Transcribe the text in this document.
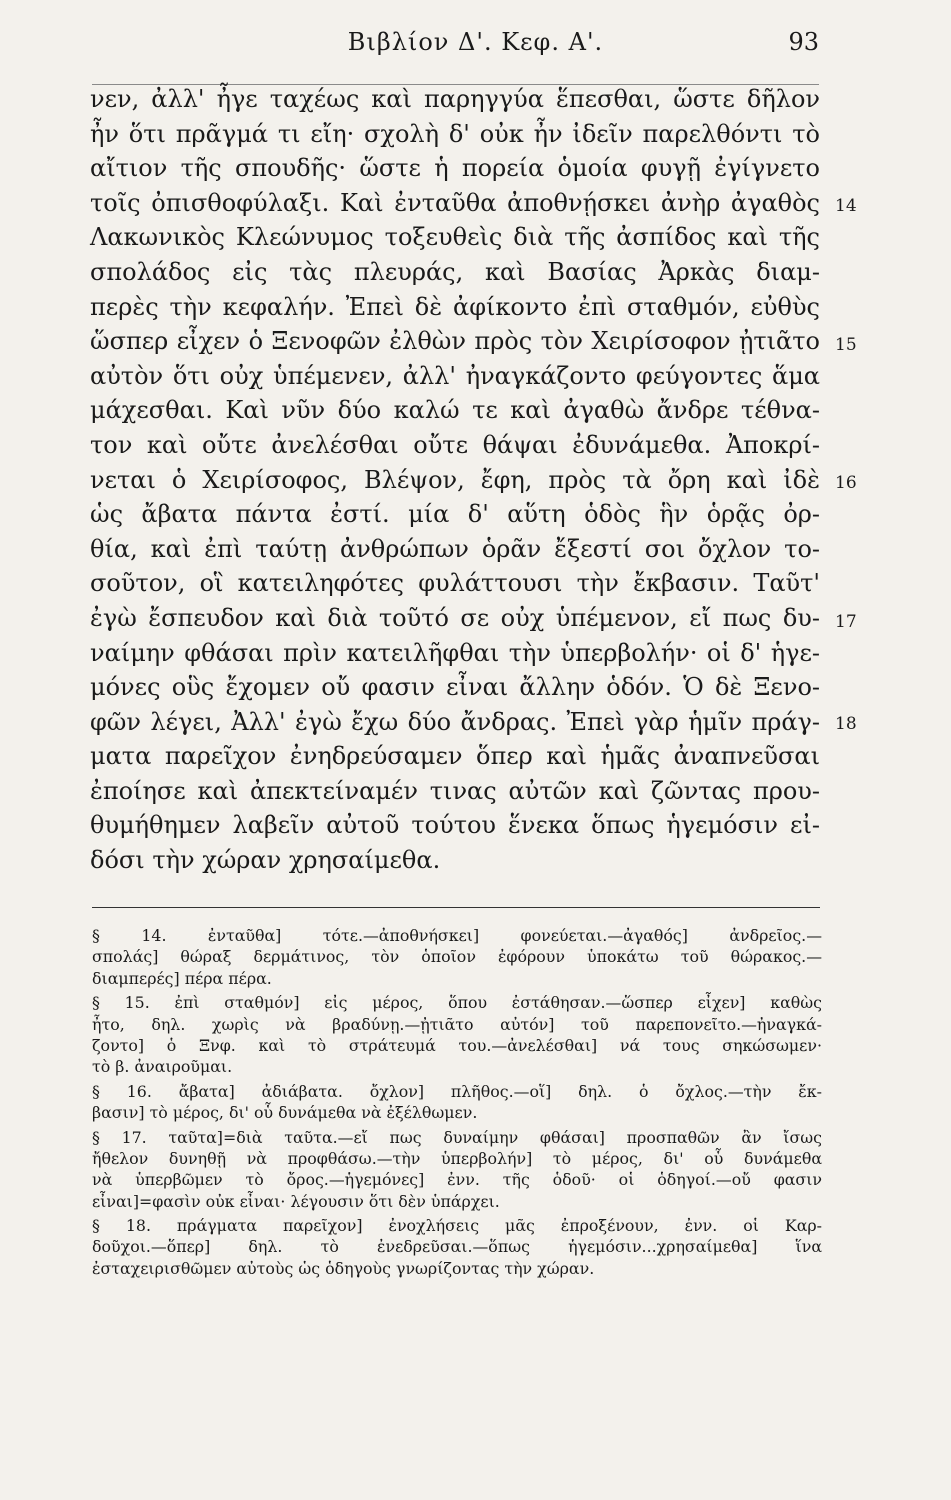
Βιβλίον Δ'. Κεφ. Α'.	93
νεν, ἀλλ' ἦγε ταχέως καὶ παρηγγύα ἕπεσθαι, ὥστε δῆλον
ἦν ὅτι πρᾶγμά τι εἴη· σχολὴ δ' οὐκ ἦν ἰδεῖν παρελθόντι τὸ
αἴτιον τῆς σπουδῆς· ὥστε ἡ πορεία ὁμοία φυγῇ ἐγίγνετο
τοῖς ὀπισθοφύλαξι. Καὶ ἐνταῦθα ἀποθνῄσκει ἀνὴρ ἀγαθὸς
Λακωνικὸς Κλεώνυμος τοξευθεὶς διὰ τῆς ἀσπίδος καὶ τῆς
σπολάδος εἰς τὰς πλευράς, καὶ Βασίας Ἀρκὰς διαμ-
περὲς τὴν κεφαλήν. Ἐπεὶ δὲ ἀφίκοντο ἐπὶ σταθμόν, εὐθὺς
ὥσπερ εἶχεν ὁ Ξενοφῶν ἐλθὼν πρὸς τὸν Χειρίσοφον ᾐτιᾶτο
αὐτὸν ὅτι οὐχ ὑπέμενεν, ἀλλ' ἠναγκάζοντο φεύγοντες ἅμα
μάχεσθαι. Καὶ νῦν δύο καλώ τε καὶ ἀγαθὼ ἄνδρε τέθνα-
τον καὶ οὔτε ἀνελέσθαι οὔτε θάψαι ἐδυνάμεθα. Ἀποκρί-
νεται ὁ Χειρίσοφος, Βλέψον, ἔφη, πρὸς τὰ ὄρη καὶ ἰδὲ
ὡς ἄβατα πάντα ἐστί. μία δ' αὕτη ὁδὸς ἣν ὁρᾷς ὀρ-
θία, καὶ ἐπὶ ταύτῃ ἀνθρώπων ὁρᾶν ἔξεστί σοι ὄχλον το-
σοῦτον, οἳ κατειληφότες φυλάττουσι τὴν ἔκβασιν. Ταῦτ'
ἐγὼ ἔσπευδον καὶ διὰ τοῦτό σε οὐχ ὑπέμενον, εἴ πως δυ-
ναίμην φθάσαι πρὶν κατειλῆφθαι τὴν ὑπερβολήν· οἱ δ' ἡγε-
μόνες οὓς ἔχομεν οὔ φασιν εἶναι ἄλλην ὁδόν. Ὁ δὲ Ξενο-
φῶν λέγει, Ἀλλ' ἐγὼ ἔχω δύο ἄνδρας. Ἐπεὶ γὰρ ἡμῖν πράγ-
ματα παρεῖχον ἐνηδρεύσαμεν ὅπερ καὶ ἡμᾶς ἀναπνεῦσαι
ἐποίησε καὶ ἀπεκτείναμέν τινας αὐτῶν καὶ ζῶντας πρου-
θυμήθημεν λαβεῖν αὐτοῦ τούτου ἕνεκα ὅπως ἡγεμόσιν εἰ-
δόσι τὴν χώραν χρησαίμεθα.
14
15
16
17
18
§ 14. ἐνταῦθα] τότε.—ἀποθνήσκει] φονεύεται.—ἀγαθός] ἀνδρεῖος.—
σπολάς] θώραξ δερμάτινος, τὸν ὁποῖον ἐφόρουν ὑποκάτω τοῦ θώρακος.—
διαμπερές] πέρα πέρα.
§ 15. ἐπὶ σταθμόν] εἰς μέρος, ὅπου ἐστάθησαν.—ὥσπερ εἶχεν] καθὼς
ἦτο, δηλ. χωρὶς νὰ βραδύνῃ.—ᾐτιᾶτο αὐτόν] τοῦ παρεπονεῖτο.—ἠναγκά-
ζοντο] ὁ Ξνφ. καὶ τὸ στράτευμά του.—ἀνελέσθαι] νά τους σηκώσωμεν·
τὸ β. ἀναιροῦμαι.
§ 16. ἄβατα] ἀδιάβατα. ὄχλον] πλῆθος.—οἵ] δηλ. ὁ ὄχλος.—τὴν ἔκ-
βασιν] τὸ μέρος, δι' οὗ δυνάμεθα νὰ ἐξέλθωμεν.
§ 17. ταῦτα]=διὰ ταῦτα.—εἴ πως δυναίμην φθάσαι] προσπαθῶν ἂν ἴσως
ἤθελον δυνηθῇ νὰ προφθάσω.—τὴν ὑπερβολήν] τὸ μέρος, δι' οὗ δυνάμεθα
νὰ ὑπερβῶμεν τὸ ὄρος.—ἡγεμόνες] ἐνν. τῆς ὁδοῦ· οἱ ὁδηγοί.—οὔ φασιν
εἶναι]=φασὶν οὐκ εἶναι· λέγουσιν ὅτι δὲν ὑπάρχει.
§ 18. πράγματα παρεῖχον] ἐνοχλήσεις μᾶς ἐπροξένουν, ἐνν. οἱ Καρ-
δοῦχοι.—ὅπερ] δηλ. τὸ ἐνεδρεῦσαι.—ὅπως ἡγεμόσιν...χρησαίμεθα] ἵνα
ἐσταχειρισθῶμεν αὐτοὺς ὡς ὁδηγοὺς γνωρίζοντας τὴν χώραν.
